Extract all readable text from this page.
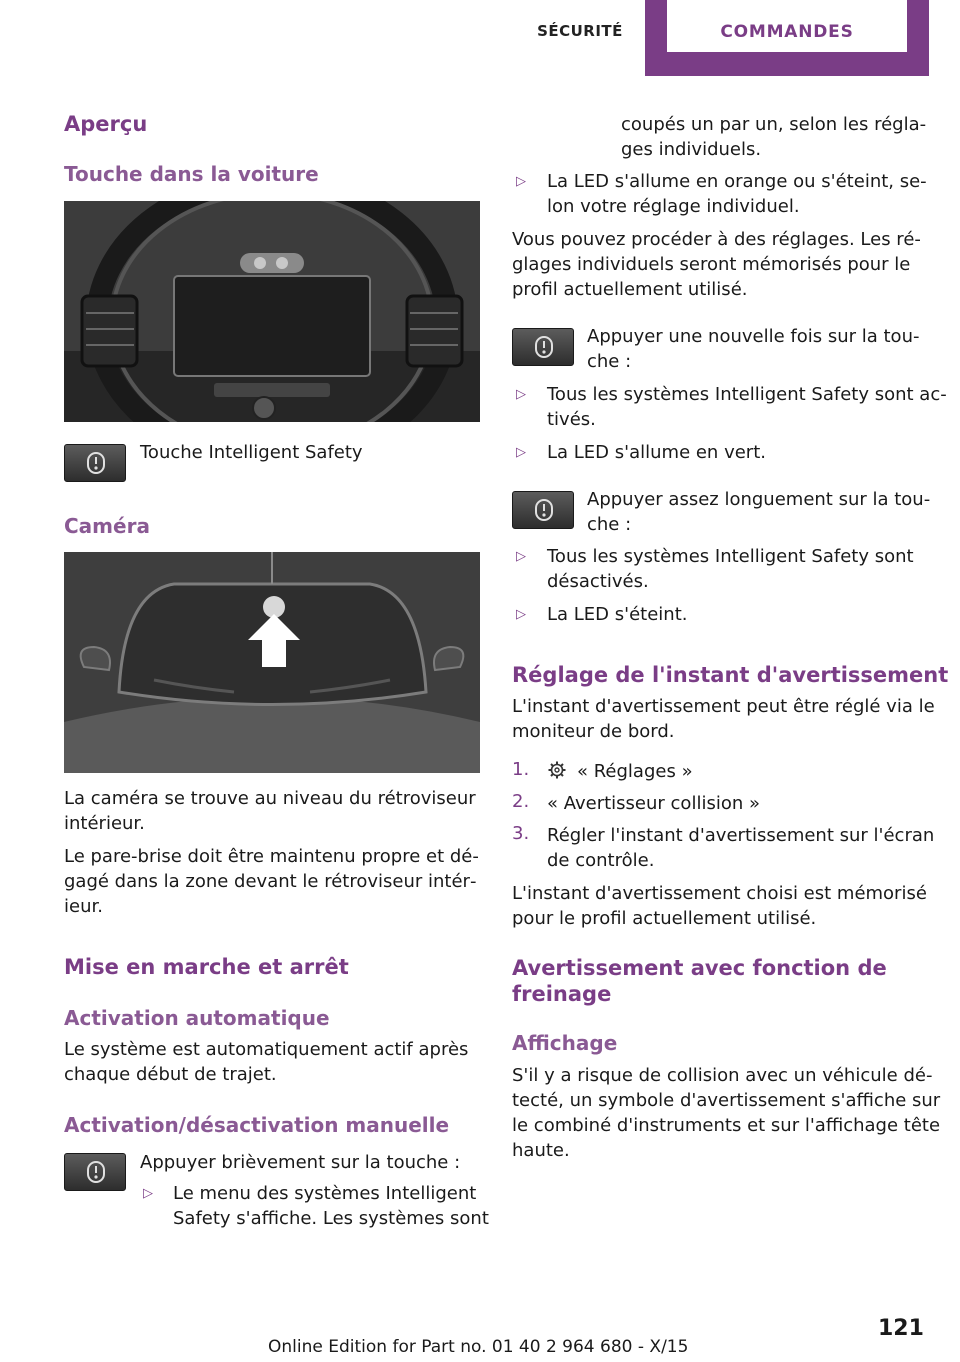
SÉCURITÉ	COMMANDES
Aperçu
Touche dans la voiture

Touche Intelligent Safety

Caméra

La caméra se trouve au niveau du rétroviseur

intérieur.

Le pare-brise doit être maintenu propre et dé‐

gagé dans la zone devant le rétroviseur intér‐

ieur.

Mise en marche et arrêt
Activation automatique

Le système est automatiquement actif après

chaque début de trajet.

Activation/désactivation manuelle

Appuyer brièvement sur la touche :

▷ Le menu des systèmes Intelligent

Safety s'affiche. Les systèmes sont

coupés un par un, selon les régla‐

ges individuels.

▷ La LED s'allume en orange ou s'éteint, se‐

lon votre réglage individuel.

Vous pouvez procéder à des réglages. Les ré‐

glages individuels seront mémorisés pour le

profil actuellement utilisé.

Appuyer une nouvelle fois sur la tou‐

che :

▷ Tous les systèmes Intelligent Safety sont ac‐

tivés.

▷ La LED s'allume en vert.

Appuyer assez longuement sur la tou‐

che :

▷ Tous les systèmes Intelligent Safety sont

désactivés.

▷ La LED s'éteint.

Réglage de l'instant d'avertissement

L'instant d'avertissement peut être réglé via le

moniteur de bord.

1.	« Réglages »

2. « Avertisseur collision »

3. Régler l'instant d'avertissement sur l'écran

de contrôle.

L'instant d'avertissement choisi est mémorisé

pour le profil actuellement utilisé.

Avertissement avec fonction de
freinage
Affichage

S'il y a risque de collision avec un véhicule dé‐

tecté, un symbole d'avertissement s'affiche sur

le combiné d'instruments et sur l'affichage tête

haute.

121
Online Edition for Part no. 01 40 2 964 680 - X/15
